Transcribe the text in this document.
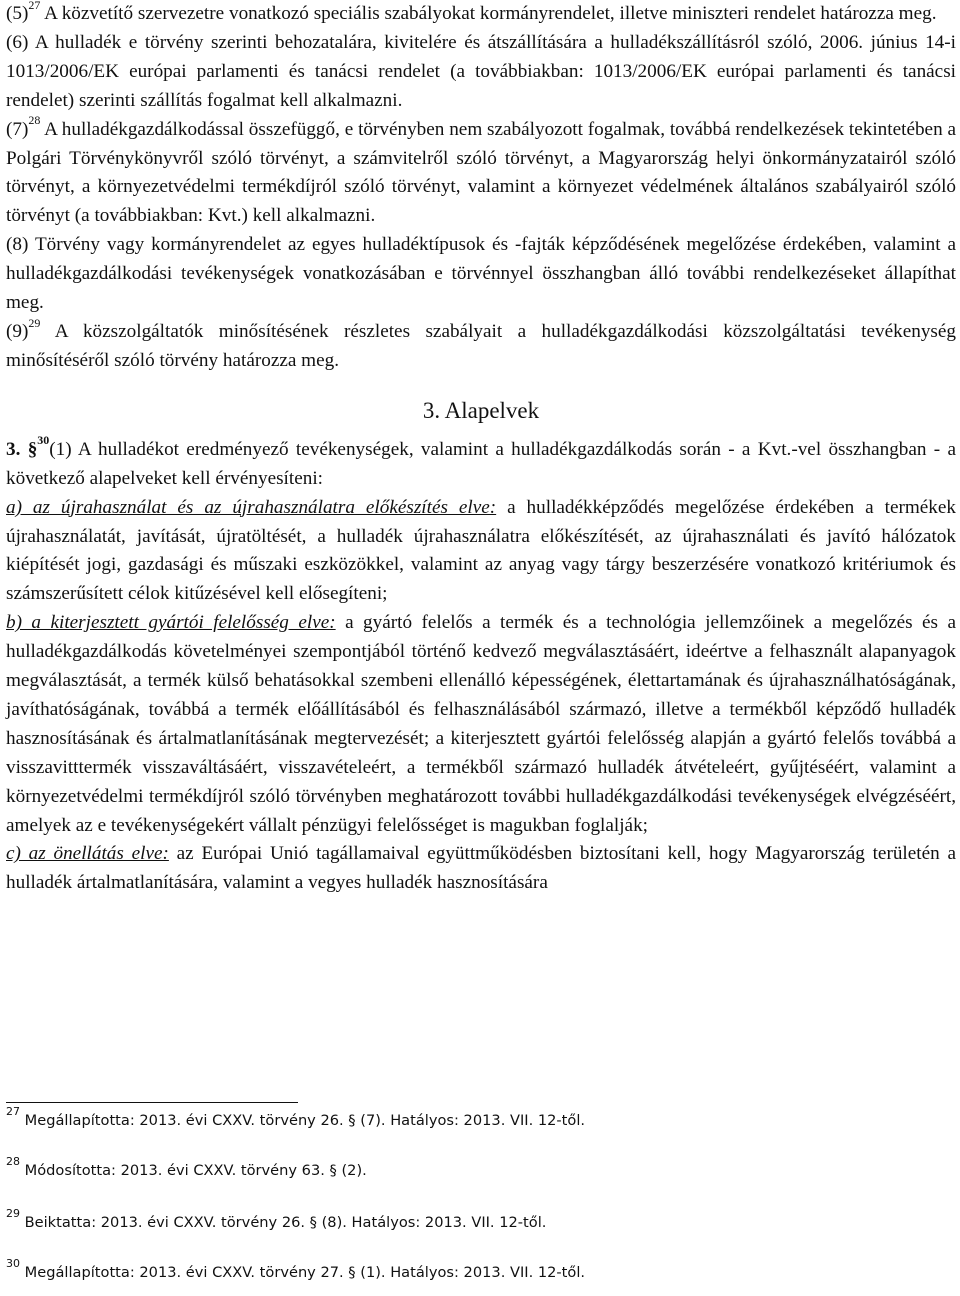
$(5)^{27}$ A közvetítő szervezetre vonatkozó speciális szabályokat kormányrendelet, illetve miniszteri rendelet határozza meg.

(6) A hulladék e törvény szerinti behozatalára, kivitelére és átszállítására a hulladékszállításról szóló, 2006. június 14-i 1013/2006/EK európai parlamenti és tanácsi rendelet (a továbbiakban: 1013/2006/EK európai parlamenti és tanácsi rendelet) szerinti szállítás fogalmat kell alkalmazni.

$(7)^{28}$ A hulladékgazdálkodással összefüggő, e törvényben nem szabályozott fogalmak, továbbá rendelkezések tekintetében a Polgári Törvénykönyvről szóló törvényt, a számvitelről szóló törvényt, a Magyarország helyi önkormányzatairól szóló törvényt, a környezetvédelmi termékdíjról szóló törvényt, valamint a környezet védelmének általános szabályairól szóló törvényt (a továbbiakban: Kvt.) kell alkalmazni.

(8) Törvény vagy kormányrendelet az egyes hulladéktípusok és -fajták képződésének megelőzése érdekében, valamint a hulladékgazdálkodási tevékenységek vonatkozásában e törvénnyel összhangban álló további rendelkezéseket állapíthat meg.

$(9)^{29}$ A közszolgáltatók minősítésének részletes szabályait a hulladékgazdálkodási közszolgáltatási tevékenység minősítéséről szóló törvény határozza meg.

3. Alapelvek

3. §$^{30}$(1) A hulladékot eredményező tevékenységek, valamint a hulladékgazdálkodás során - a Kvt.-vel összhangban - a következő alapelveket kell érvényesíteni:

a) az újrahasználat és az újrahasználatra előkészítés elve: a hulladékképződés megelőzése érdekében a termékek újrahasználatát, javítását, újratöltését, a hulladék újrahasználatra előkészítését, az újrahasználati és javító hálózatok kiépítését jogi, gazdasági és műszaki eszközökkel, valamint az anyag vagy tárgy beszerzésére vonatkozó kritériumok és számszerűsített célok kitűzésével kell elősegíteni;

b) a kiterjesztett gyártói felelősség elve: a gyártó felelős a termék és a technológia jellemzőinek a megelőzés és a hulladékgazdálkodás követelményei szempontjából történő kedvező megválasztásáért, ideértve a felhasznált alapanyagok megválasztását, a termék külső behatásokkal szembeni ellenálló képességének, élettartamának és újrahasználhatóságának, javíthatóságának, továbbá a termék előállításából és felhasználásából származó, illetve a termékből képződő hulladék hasznosításának és ártalmatlanításának megtervezését; a kiterjesztett gyártói felelősség alapján a gyártó felelős továbbá a visszavitttermék visszaváltásáért, visszavételeért, a termékből származó hulladék átvételeért, gyűjtéséért, valamint a környezetvédelmi termékdíjról szóló törvényben meghatározott további hulladékgazdálkodási tevékenységek elvégzéséért, amelyek az e tevékenységekért vállalt pénzügyi felelősséget is magukban foglalják;

c) az önellátás elve: az Európai Unió tagállamaival együttműködésben biztosítani kell, hogy Magyarország területén a hulladék ártalmatlanítására, valamint a vegyes hulladék hasznosítására

$^{27}$ Megállapította: 2013. évi CXXV. törvény 26. § (7). Hatályos: 2013. VII. 12-től.
$^{28}$ Módosította: 2013. évi CXXV. törvény 63. § (2).
$^{29}$ Beiktatta: 2013. évi CXXV. törvény 26. § (8). Hatályos: 2013. VII. 12-től.
$^{30}$ Megállapította: 2013. évi CXXV. törvény 27. § (1). Hatályos: 2013. VII. 12-től.
